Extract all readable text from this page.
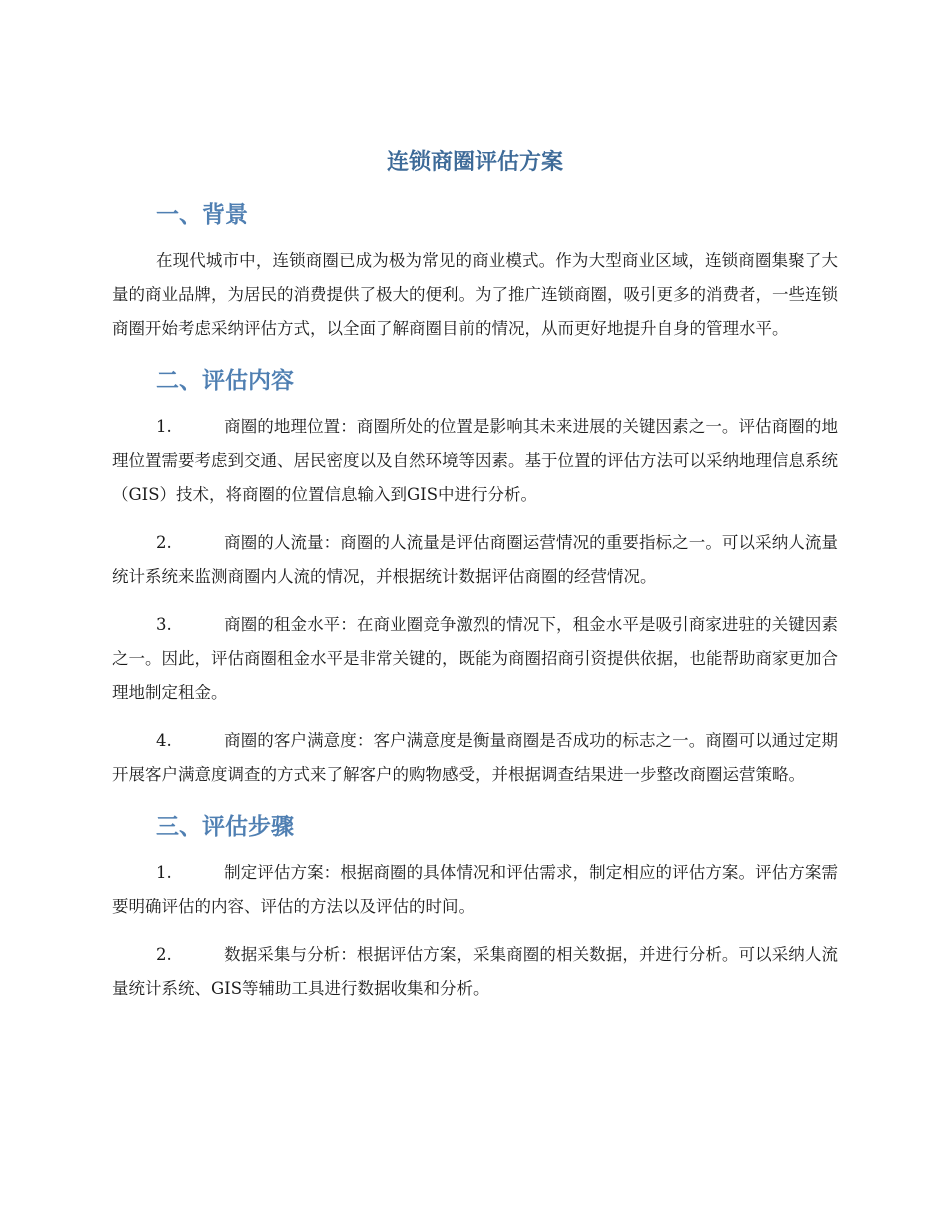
连锁商圈评估方案
一、背景

在现代城市中，连锁商圈已成为极为常见的商业模式。作为大型商业区域，连锁商圈集聚了大量的商业品牌，为居民的消费提供了极大的便利。为了推广连锁商圈，吸引更多的消费者，一些连锁商圈开始考虑采纳评估方式，以全面了解商圈目前的情况，从而更好地提升自身的管理水平。

二、评估内容

1.	商圈的地理位置：商圈所处的位置是影响其未来进展的关键因素之一。评估商圈的地理位置需要考虑到交通、居民密度以及自然环境等因素。基于位置的评估方法可以采纳地理信息系统（GIS）技术，将商圈的位置信息输入到GIS中进行分析。

2.	商圈的人流量：商圈的人流量是评估商圈运营情况的重要指标之一。可以采纳人流量统计系统来监测商圈内人流的情况，并根据统计数据评估商圈的经营情况。

3.	商圈的租金水平：在商业圈竞争激烈的情况下，租金水平是吸引商家进驻的关键因素之一。因此，评估商圈租金水平是非常关键的，既能为商圈招商引资提供依据，也能帮助商家更加合理地制定租金。

4.	商圈的客户满意度：客户满意度是衡量商圈是否成功的标志之一。商圈可以通过定期开展客户满意度调查的方式来了解客户的购物感受，并根据调查结果进一步整改商圈运营策略。

三、评估步骤

1.	制定评估方案：根据商圈的具体情况和评估需求，制定相应的评估方案。评估方案需要明确评估的内容、评估的方法以及评估的时间。

2.	数据采集与分析：根据评估方案，采集商圈的相关数据，并进行分析。可以采纳人流量统计系统、GIS等辅助工具进行数据收集和分析。
